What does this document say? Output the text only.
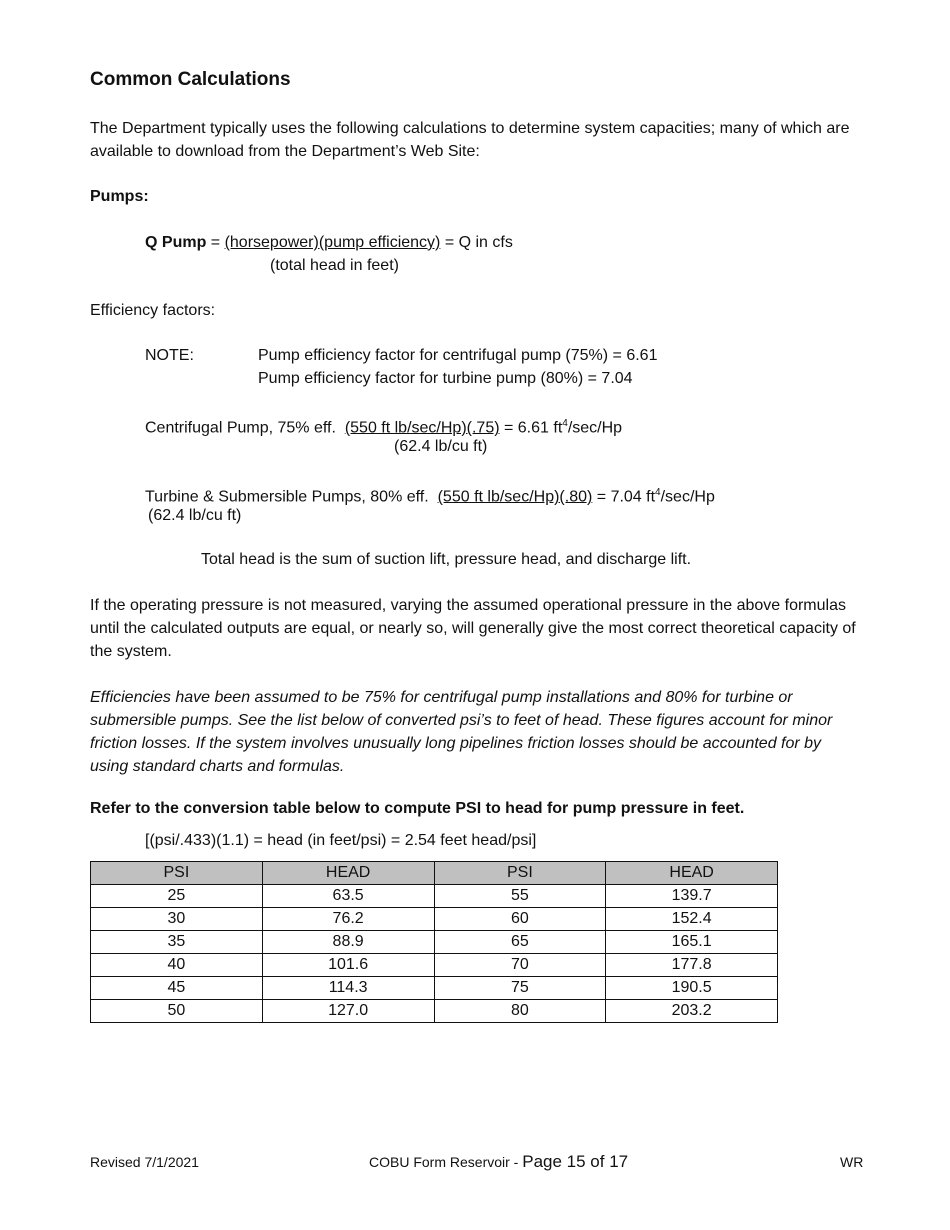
Common Calculations
The Department typically uses the following calculations to determine system capacities; many of which are available to download from the Department’s Web Site:
Pumps:
Q Pump = (horsepower)(pump efficiency) = Q in cfs
(total head in feet)
Efficiency factors:
NOTE:	Pump efficiency factor for centrifugal pump (75%) = 6.61
Pump efficiency factor for turbine pump (80%) = 7.04
Centrifugal Pump, 75% eff.  (550 ft lb/sec/Hp)(.75) = 6.61 $ft^4/\sec/Hp$
(62.4 lb/cu ft)
Turbine & Submersible Pumps, 80% eff.  (550 ft lb/sec/Hp)(.80) = 7.04 $ft^4/\sec/Hp$
(62.4 lb/cu ft)
Total head is the sum of suction lift, pressure head, and discharge lift.
If the operating pressure is not measured, varying the assumed operational pressure in the above formulas until the calculated outputs are equal, or nearly so, will generally give the most correct theoretical capacity of the system.
Efficiencies have been assumed to be 75% for centrifugal pump installations and 80% for turbine or submersible pumps. See the list below of converted psi’s to feet of head. These figures account for minor friction losses. If the system involves unusually long pipelines friction losses should be accounted for by using standard charts and formulas.
Refer to the conversion table below to compute PSI to head for pump pressure in feet.
[(psi/.433)(1.1) = head (in feet/psi) = 2.54 feet head/psi]
PSI	HEAD	PSI	HEAD
25	63.5	55	139.7
30	76.2	60	152.4
35	88.9	65	165.1
40	101.6	70	177.8
45	114.3	75	190.5
50	127.0	80	203.2
Revised 7/1/2021	COBU Form Reservoir - Page 15 of 17	WR
